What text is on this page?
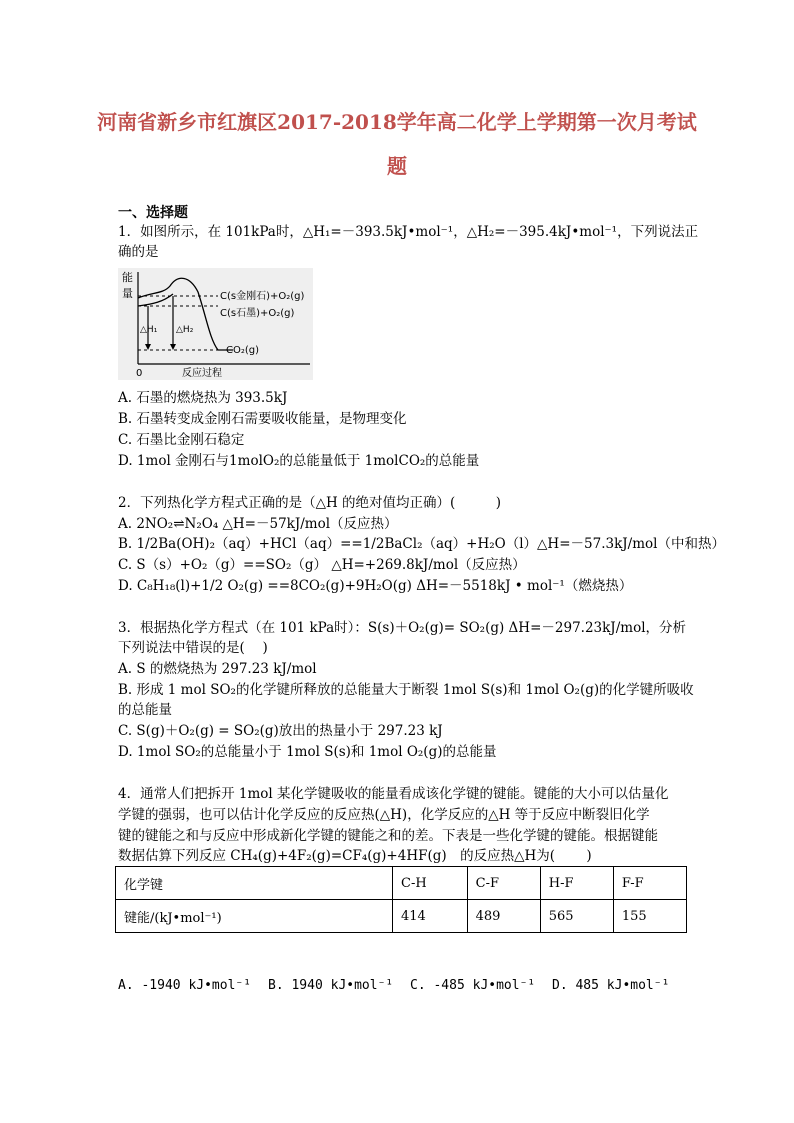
河南省新乡市红旗区2017-2018学年高二化学上学期第一次月考试
题
一、选择题
1．如图所示，在 101kPa时，△H₁=－393.5kJ•mol⁻¹，△H₂=－395.4kJ•mol⁻¹，下列说法正
确的是
能
量
△H₁ △H₂
C(s金刚石)+O₂(g)
C(s石墨)+O₂(g)
CO₂(g)
0	反应过程
A. 石墨的燃烧热为 393.5kJ
B. 石墨转变成金刚石需要吸收能量，是物理变化
C. 石墨比金刚石稳定
D. 1mol 金刚石与1molO₂的总能量低于 1molCO₂的总能量
2．下列热化学方程式正确的是（△H 的绝对值均正确）(　　　)
A. 2NO₂⇌N₂O₄ △H=－57kJ/mol（反应热）
B. 1/2Ba(OH)₂（aq）+HCl（aq）==1/2BaCl₂（aq）+H₂O（l）△H=－57.3kJ/mol（中和热）
C. S（s）+O₂（g）==SO₂（g） △H=+269.8kJ/mol（反应热）
D. C₈H₁₈(l)+1/2 O₂(g) ==8CO₂(g)+9H₂O(g) ΔH=－5518kJ • mol⁻¹（燃烧热）
3．根据热化学方程式（在 101 kPa时）：S(s)＋O₂(g)= SO₂(g) ΔH=－297.23kJ/mol，分析
下列说法中错误的是(　 )
A. S 的燃烧热为 297.23 kJ/mol
B. 形成 1 mol SO₂的化学键所释放的总能量大于断裂 1mol S(s)和 1mol O₂(g)的化学键所吸收
的总能量
C. S(g)＋O₂(g) = SO₂(g)放出的热量小于 297.23 kJ
D. 1mol SO₂的总能量小于 1mol S(s)和 1mol O₂(g)的总能量
4．通常人们把拆开 1mol 某化学键吸收的能量看成该化学键的键能。键能的大小可以估量化
学键的强弱，也可以估计化学反应的反应热(△H)，化学反应的△H 等于反应中断裂旧化学
键的键能之和与反应中形成新化学键的键能之和的差。下表是一些化学键的键能。根据键能
数据估算下列反应 CH₄(g)+4F₂(g)=CF₄(g)+4HF(g)　的反应热△H为(　　 )
化学键	C-H	C-F	H-F	F-F
键能/(kJ•mol⁻¹)	414	489	565	155
A. -1940 kJ•mol⁻¹ B. 1940 kJ•mol⁻¹ C. -485 kJ•mol⁻¹ D. 485 kJ•mol⁻¹
